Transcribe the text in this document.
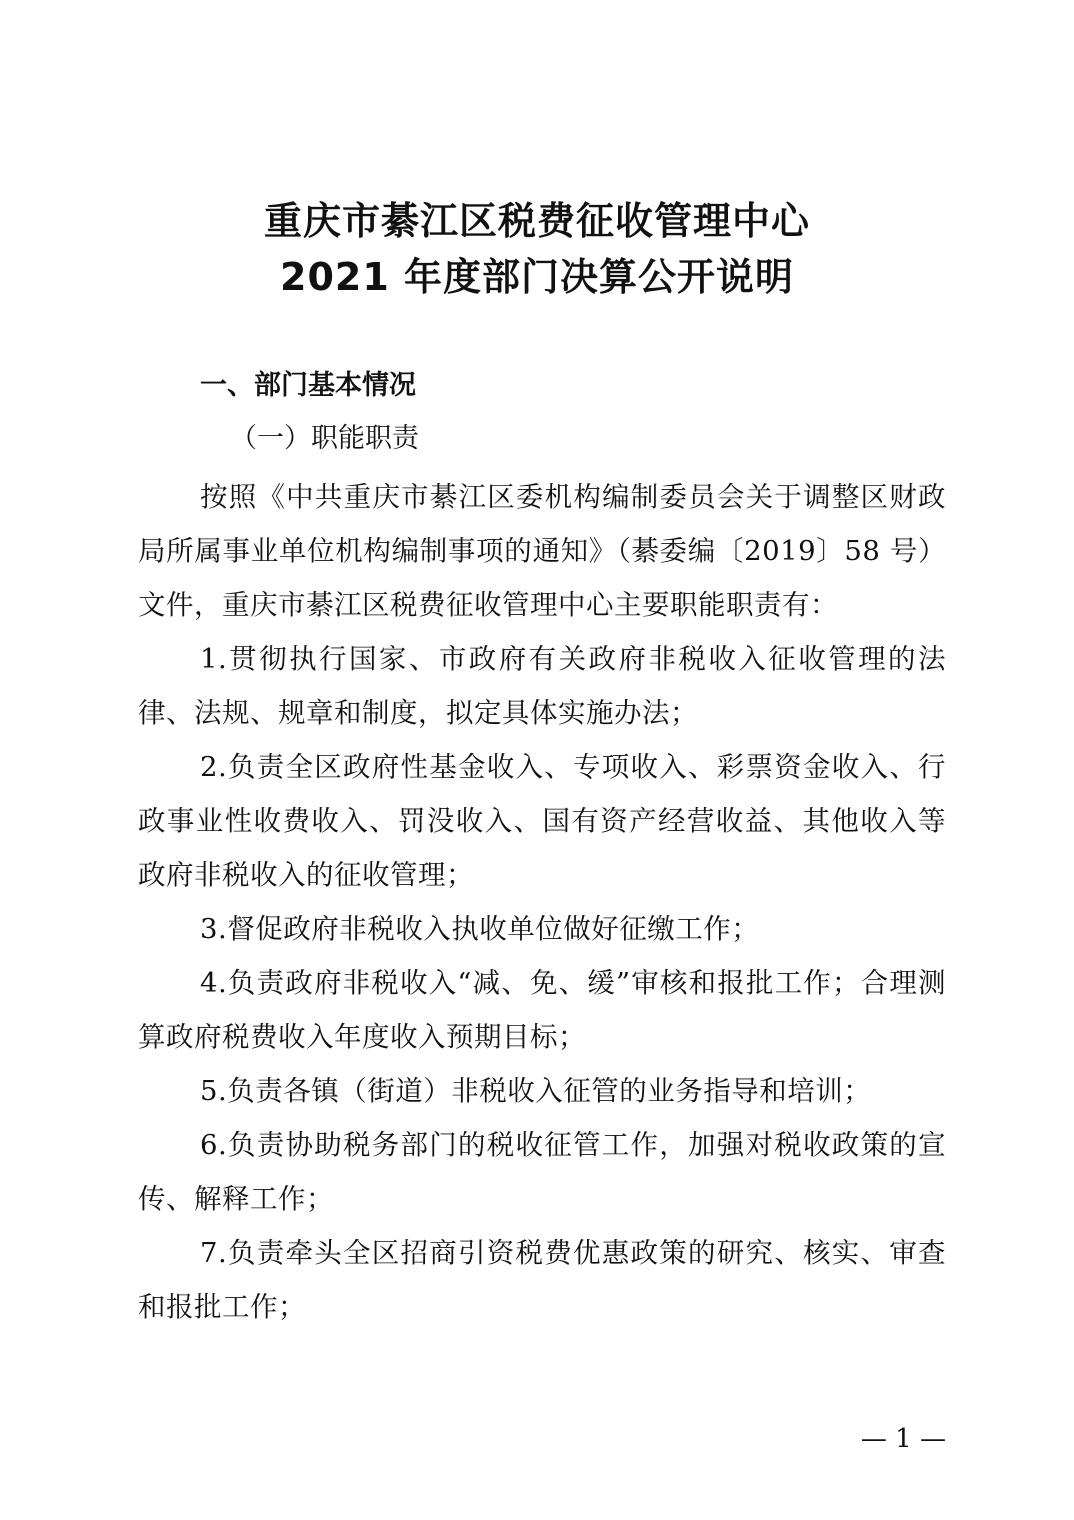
重庆市綦江区税费征收管理中心
2021 年度部门决算公开说明
一、部门基本情况
（一）职能职责
按照《中共重庆市綦江区委机构编制委员会关于调整区财政局所属事业单位机构编制事项的通知》（綦委编〔2019〕58 号）文件，重庆市綦江区税费征收管理中心主要职能职责有：
1.贯彻执行国家、市政府有关政府非税收入征收管理的法律、法规、规章和制度，拟定具体实施办法；
2.负责全区政府性基金收入、专项收入、彩票资金收入、行政事业性收费收入、罚没收入、国有资产经营收益、其他收入等政府非税收入的征收管理；
3.督促政府非税收入执收单位做好征缴工作；
4.负责政府非税收入“减、免、缓”审核和报批工作；合理测算政府税费收入年度收入预期目标；
5.负责各镇（街道）非税收入征管的业务指导和培训；
6.负责协助税务部门的税收征管工作，加强对税收政策的宣传、解释工作；
7.负责牵头全区招商引资税费优惠政策的研究、核实、审查和报批工作；
— 1 —
